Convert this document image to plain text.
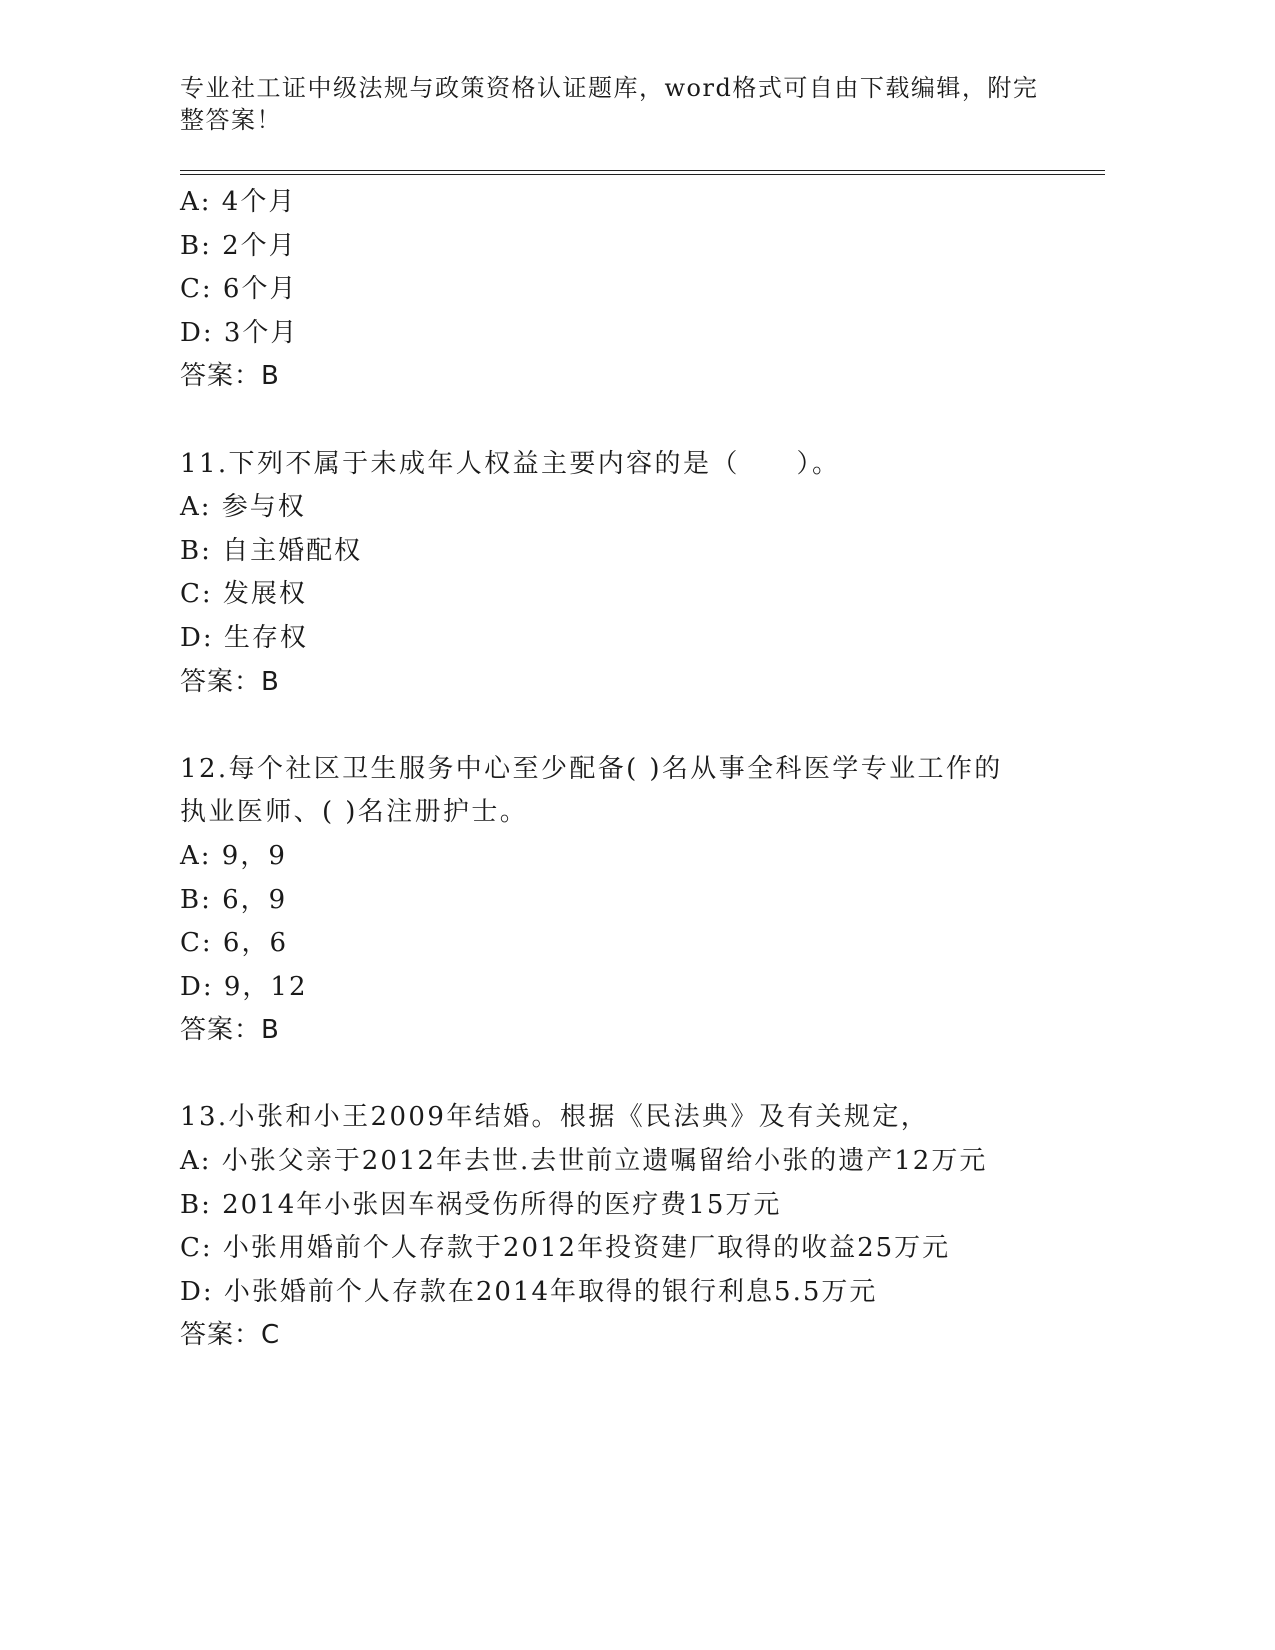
专业社工证中级法规与政策资格认证题库，word格式可自由下载编辑，附完整答案！
A: 4个月
B: 2个月
C: 6个月
D: 3个月
答案：B
11.下列不属于未成年人权益主要内容的是（　　）。
A: 参与权
B: 自主婚配权
C: 发展权
D: 生存权
答案：B
12.每个社区卫生服务中心至少配备( )名从事全科医学专业工作的执业医师、( )名注册护士。
A: 9，9
B: 6，9
C: 6，6
D: 9，12
答案：B
13.小张和小王2009年结婚。根据《民法典》及有关规定，
A: 小张父亲于2012年去世.去世前立遗嘱留给小张的遗产12万元
B: 2014年小张因车祸受伤所得的医疗费15万元
C: 小张用婚前个人存款于2012年投资建厂取得的收益25万元
D: 小张婚前个人存款在2014年取得的银行利息5.5万元
答案：C
